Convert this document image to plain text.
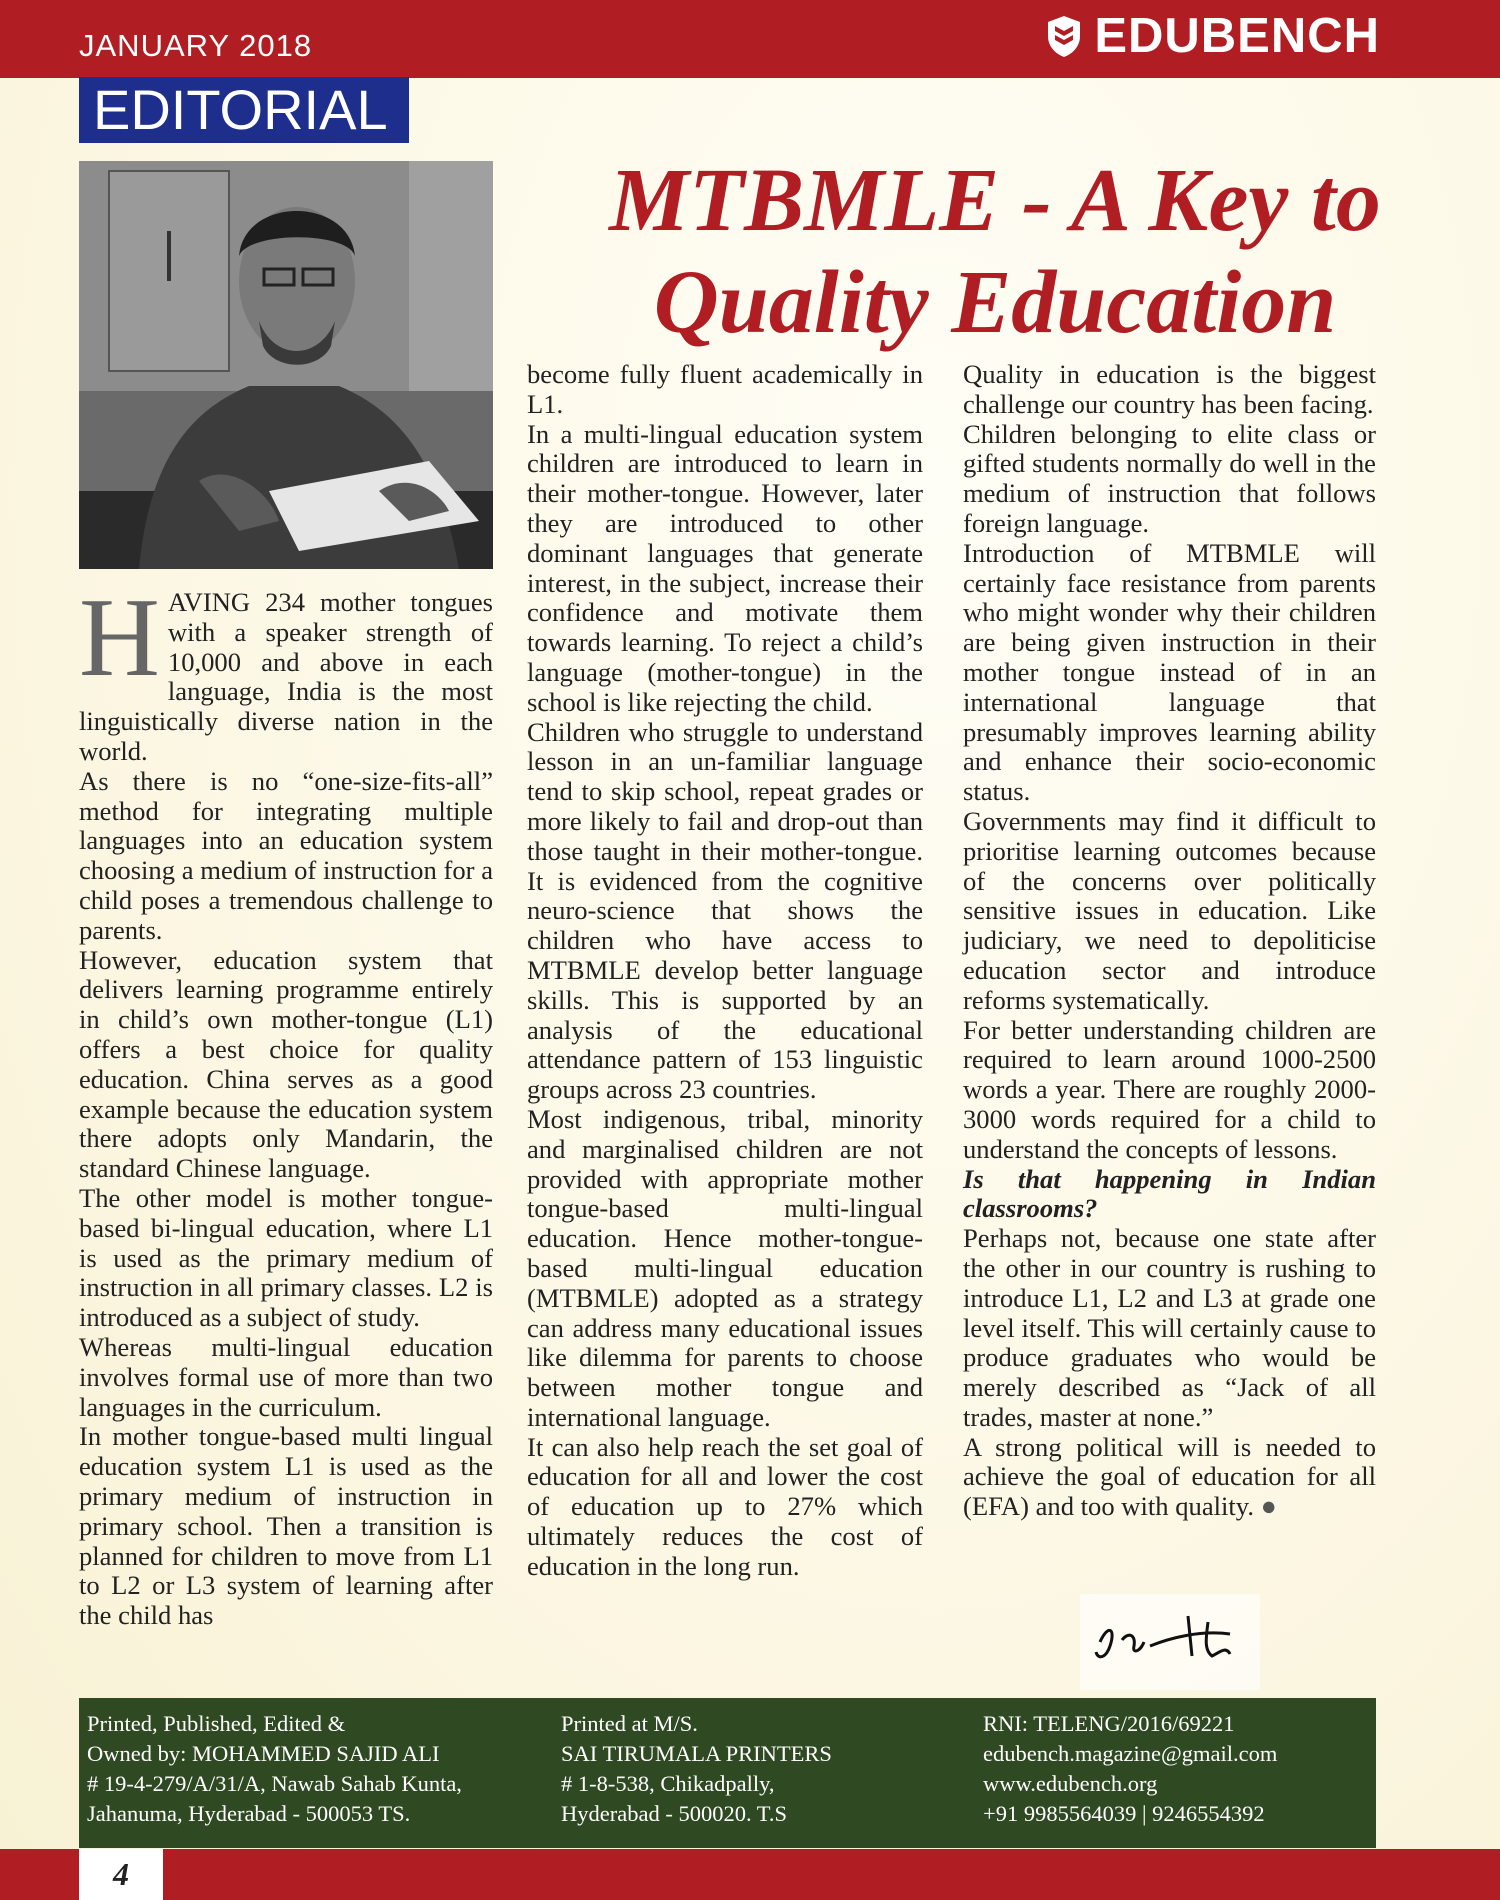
JANUARY 2018	EDUBENCH
EDITORIAL
MTBMLE - A Key to
Quality Education

HAVING 234 mother tongues with a speaker strength of 10,000 and above in each language, India is the most linguistically diverse nation in the world.

As there is no “one-size-fits-all” method for integrating multiple languages into an education system choosing a medium of instruction for a child poses a tremendous challenge to parents.

However, education system that delivers learning programme entirely in child’s own mother-tongue (L1) offers a best choice for quality education. China serves as a good example because the education system there adopts only Mandarin, the standard Chinese language.

The other model is mother tongue-based bi-lingual education, where L1 is used as the primary medium of instruction in all primary classes. L2 is introduced as a subject of study.

Whereas multi-lingual education involves formal use of more than two languages in the curriculum.

In mother tongue-based multi lingual education system L1 is used as the primary medium of instruction in primary school. Then a transition is planned for children to move from L1 to L2 or L3 system of learning after the child has

become fully fluent academically in L1.

In a multi-lingual education system children are introduced to learn in their mother-tongue. However, later they are introduced to other dominant languages that generate interest, in the subject, increase their confidence and motivate them towards learning. To reject a child’s language (mother-tongue) in the school is like rejecting the child.

Children who struggle to understand lesson in an un-familiar language tend to skip school, repeat grades or more likely to fail and drop-out than those taught in their mother-tongue. It is evidenced from the cognitive neuro-science that shows the children who have access to MTBMLE develop better language skills. This is supported by an analysis of the educational attendance pattern of 153 linguistic groups across 23 countries.

Most indigenous, tribal, minority and marginalised children are not provided with appropriate mother tongue-based multi-lingual education. Hence mother-tongue-based multi-lingual education (MTBMLE) adopted as a strategy can address many educational issues like dilemma for parents to choose between mother tongue and international language.

It can also help reach the set goal of education for all and lower the cost of education up to 27% which ultimately reduces the cost of education in the long run.

Quality in education is the biggest challenge our country has been facing.

Children belonging to elite class or gifted students normally do well in the medium of instruction that follows foreign language.

Introduction of MTBMLE will certainly face resistance from parents who might wonder why their children are being given instruction in their mother tongue instead of in an international language that presumably improves learning ability and enhance their socio-economic status.

Governments may find it difficult to prioritise learning outcomes because of the concerns over politically sensitive issues in education. Like judiciary, we need to depoliticise education sector and introduce reforms systematically.

For better understanding children are required to learn around 1000-2500 words a year. There are roughly 2000-3000 words required for a child to understand the concepts of lessons.

Is that happening in Indian classrooms?

Perhaps not, because one state after the other in our country is rushing to introduce L1, L2 and L3 at grade one level itself. This will certainly cause to produce graduates who would be merely described as “Jack of all trades, master at none.”

A strong political will is needed to achieve the goal of education for all (EFA) and too with quality. ●

Printed, Published, Edited &
Owned by: MOHAMMED SAJID ALI
# 19-4-279/A/31/A, Nawab Sahab Kunta,
Jahanuma, Hyderabad - 500053 TS.
Printed at M/S.
SAI TIRUMALA PRINTERS
# 1-8-538, Chikadpally,
Hyderabad - 500020. T.S
RNI: TELENG/2016/69221
edubench.magazine@gmail.com
www.edubench.org
+91 9985564039 | 9246554392
4
